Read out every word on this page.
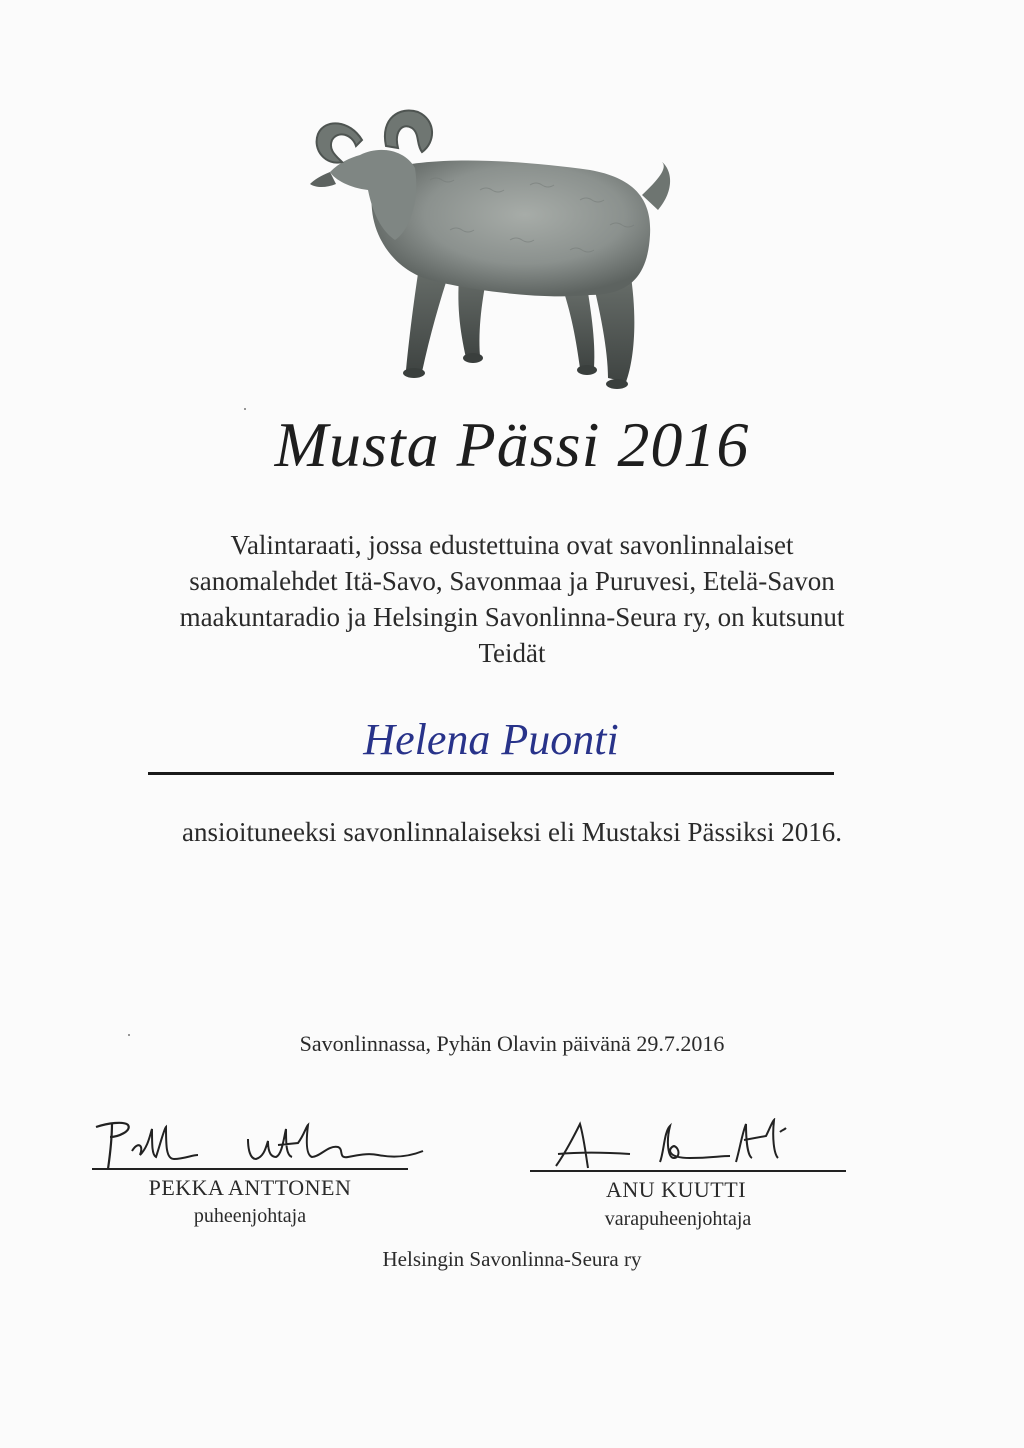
Musta Pässi 2016
Valintaraati, jossa edustettuina ovat savonlinnalaiset
sanomalehdet Itä-Savo, Savonmaa ja Puruvesi, Etelä-Savon
maakuntaradio ja Helsingin Savonlinna-Seura ry, on kutsunut
Teidät
Helena Puonti
ansioituneeksi savonlinnalaiseksi eli Mustaksi Pässiksi 2016.
Savonlinnassa, Pyhän Olavin päivänä 29.7.2016
PEKKA ANTTONEN
puheenjohtaja
ANU KUUTTI
varapuheenjohtaja
Helsingin Savonlinna-Seura ry
